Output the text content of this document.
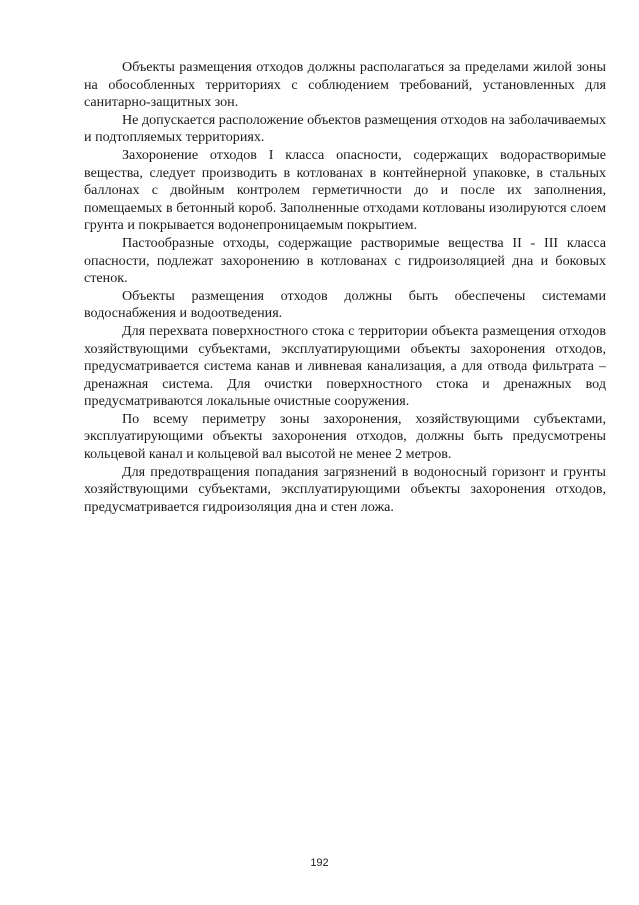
Объекты размещения отходов должны располагаться за пределами жилой зоны на обособленных территориях с соблюдением требований, установленных для санитарно-защитных зон.

Не допускается расположение объектов размещения отходов на заболачиваемых и подтопляемых территориях.

Захоронение отходов I класса опасности, содержащих водорастворимые вещества, следует производить в котлованах в контейнерной упаковке, в стальных баллонах с двойным контролем герметичности до и после их заполнения, помещаемых в бетонный короб. Заполненные отходами котлованы изолируются слоем грунта и покрывается водонепроницаемым покрытием.

Пастообразные отходы, содержащие растворимые вещества II - III класса опасности, подлежат захоронению в котлованах с гидроизоляцией дна и боковых стенок.

Объекты размещения отходов должны быть обеспечены системами водоснабжения и водоотведения.

Для перехвата поверхностного стока с территории объекта размещения отходов хозяйствующими субъектами, эксплуатирующими объекты захоронения отходов, предусматривается система канав и ливневая канализация, а для отвода фильтрата – дренажная система. Для очистки поверхностного стока и дренажных вод предусматриваются локальные очистные сооружения.

По всему периметру зоны захоронения, хозяйствующими субъектами, эксплуатирующими объекты захоронения отходов, должны быть предусмотрены кольцевой канал и кольцевой вал высотой не менее 2 метров.

Для предотвращения попадания загрязнений в водоносный горизонт и грунты хозяйствующими субъектами, эксплуатирующими объекты захоронения отходов, предусматривается гидроизоляция дна и стен ложа.

192
